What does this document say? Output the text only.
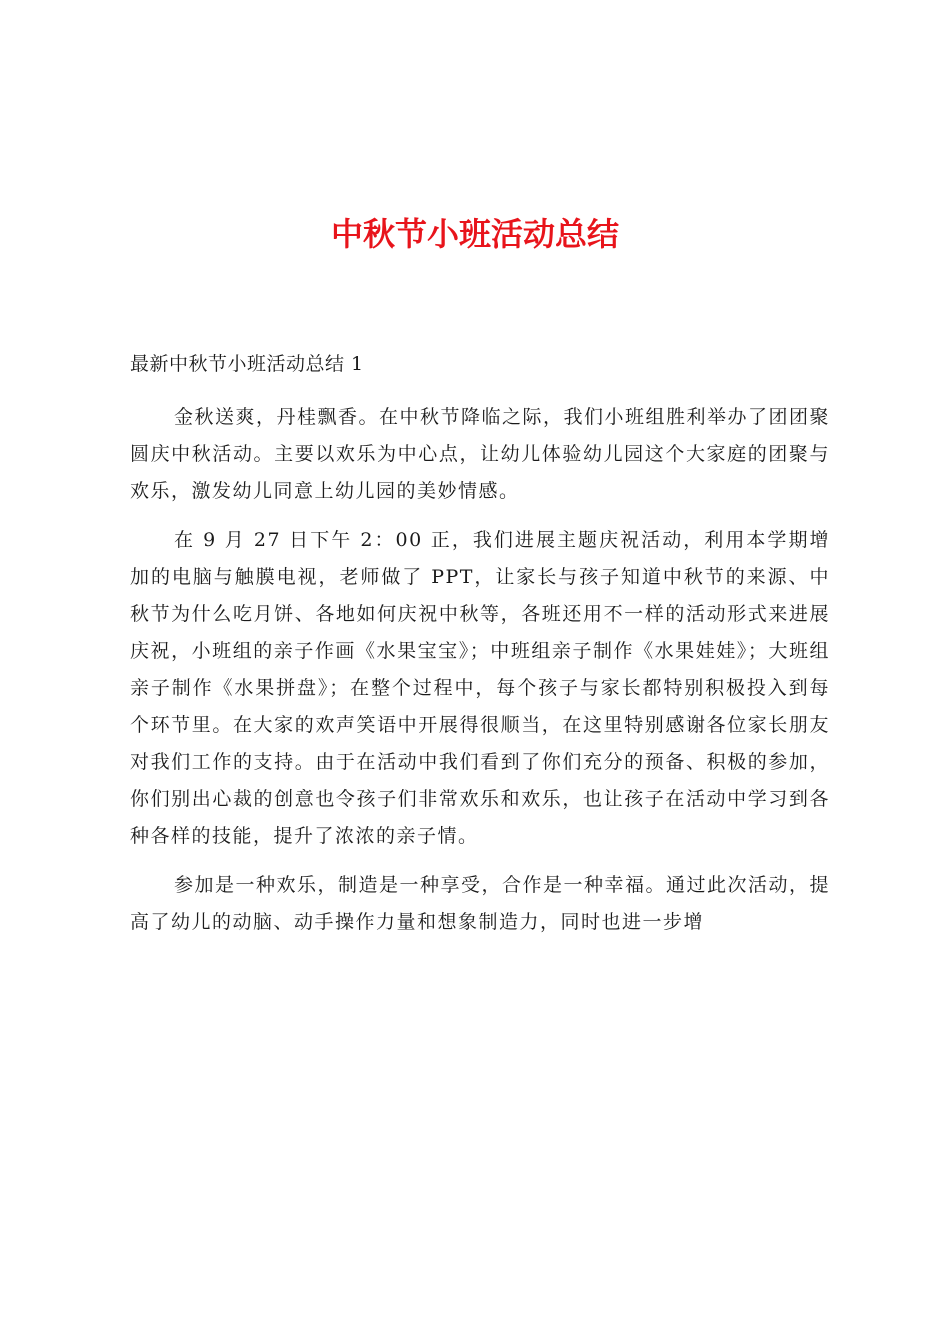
中秋节小班活动总结

最新中秋节小班活动总结 1

金秋送爽，丹桂飘香。在中秋节降临之际，我们小班组胜利举办了团团聚圆庆中秋活动。主要以欢乐为中心点，让幼儿体验幼儿园这个大家庭的团聚与欢乐，激发幼儿同意上幼儿园的美妙情感。

在 9 月 27 日下午 2：00 正，我们进展主题庆祝活动，利用本学期增加的电脑与触膜电视，老师做了 PPT，让家长与孩子知道中秋节的来源、中秋节为什么吃月饼、各地如何庆祝中秋等，各班还用不一样的活动形式来进展庆祝，小班组的亲子作画《水果宝宝》；中班组亲子制作《水果娃娃》；大班组亲子制作《水果拼盘》；在整个过程中，每个孩子与家长都特别积极投入到每个环节里。在大家的欢声笑语中开展得很顺当，在这里特别感谢各位家长朋友对我们工作的支持。由于在活动中我们看到了你们充分的预备、积极的参加，你们别出心裁的创意也令孩子们非常欢乐和欢乐，也让孩子在活动中学习到各种各样的技能，提升了浓浓的亲子情。

参加是一种欢乐，制造是一种享受，合作是一种幸福。通过此次活动，提高了幼儿的动脑、动手操作力量和想象制造力，同时也进一步增
